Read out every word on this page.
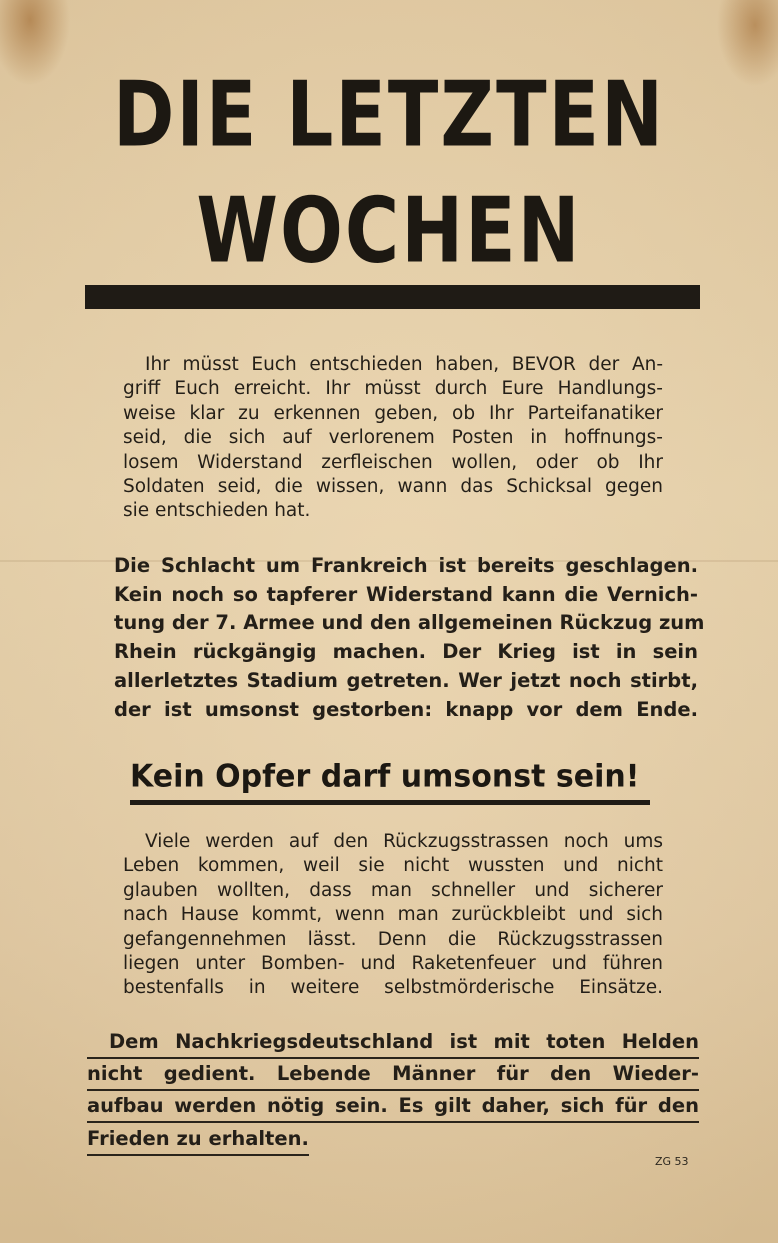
DIE LETZTEN
WOCHEN

Ihr müsst Euch entschieden haben, BEVOR der An-
griff Euch erreicht. Ihr müsst durch Eure Handlungs-
weise klar zu erkennen geben, ob Ihr Parteifanatiker
seid, die sich auf verlorenem Posten in hoffnungs-
losem Widerstand zerfleischen wollen, oder ob Ihr
Soldaten seid, die wissen, wann das Schicksal gegen
sie entschieden hat.

Die Schlacht um Frankreich ist bereits geschlagen.
Kein noch so tapferer Widerstand kann die Vernich-
tung der 7. Armee und den allgemeinen Rückzug zum
Rhein rückgängig machen. Der Krieg ist in sein
allerletztes Stadium getreten. Wer jetzt noch stirbt,
der ist umsonst gestorben: knapp vor dem Ende.

Kein Opfer darf umsonst sein!

Viele werden auf den Rückzugsstrassen noch ums
Leben kommen, weil sie nicht wussten und nicht
glauben wollten, dass man schneller und sicherer
nach Hause kommt, wenn man zurückbleibt und sich
gefangennehmen lässt. Denn die Rückzugsstrassen
liegen unter Bomben- und Raketenfeuer und führen
bestenfalls in weitere selbstmörderische Einsätze.

Dem Nachkriegsdeutschland ist mit toten Helden
nicht gedient. Lebende Männer für den Wieder-
aufbau werden nötig sein. Es gilt daher, sich für den
Frieden zu erhalten.

ZG 53
